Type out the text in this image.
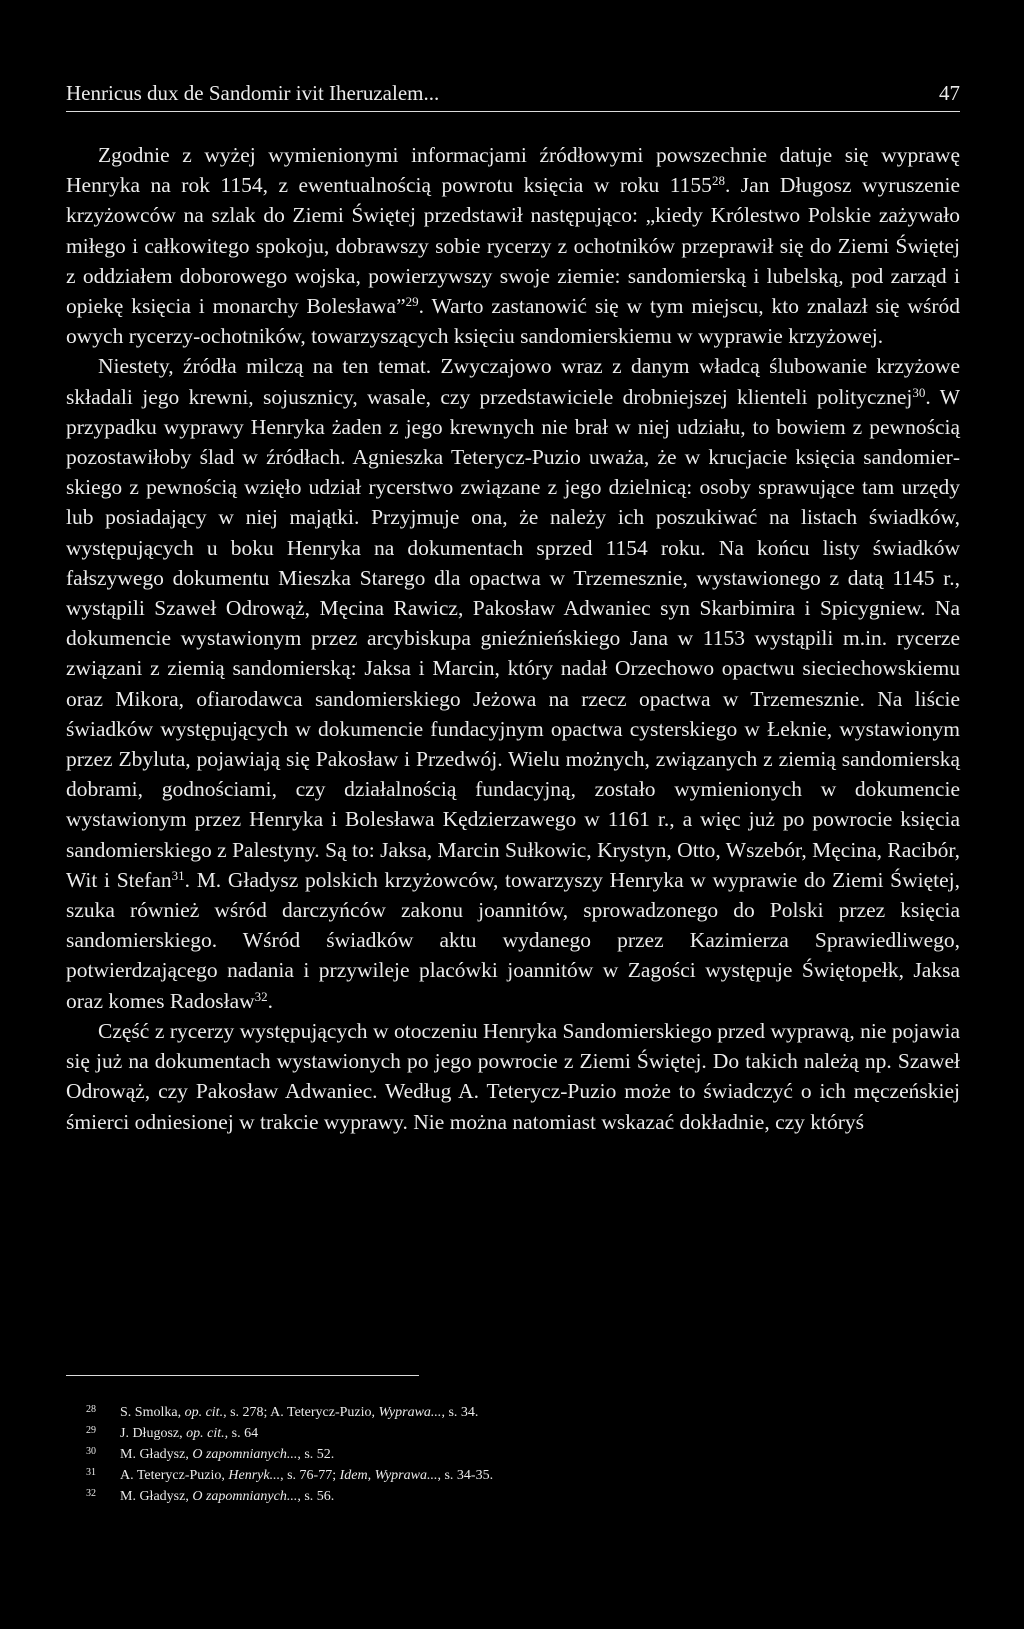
Henricus dux de Sandomir ivit Iheruzalem...	47

Zgodnie z wyżej wymienionymi informacjami źródłowymi powszechnie datuje się wyprawę Henryka na rok 1154, z ewentualnością powrotu księcia w roku 1155$^{28}$. Jan Długosz wyruszenie krzyżowców na szlak do Ziemi Świętej przedstawił następująco: „kiedy Królestwo Polskie zażywało miłego i całkowitego spokoju, dobrawszy sobie rycerzy z ochotników przeprawił się do Ziemi Świętej z oddziałem doborowego wojska, powierzywszy swoje ziemie: sandomierską i lubelską, pod zarząd i opiekę księcia i monarchy Bolesława”$^{29}$. Warto zastanowić się w tym miejscu, kto znalazł się wśród owych rycerzy-ochotników, towarzyszących księciu sandomierskiemu w wyprawie krzyżowej.

Niestety, źródła milczą na ten temat. Zwyczajowo wraz z danym władcą ślubowanie krzyżowe składali jego krewni, sojusznicy, wasale, czy przedstawiciele drobniejszej klienteli politycznej$^{30}$. W przypadku wyprawy Henryka żaden z jego krewnych nie brał w niej udziału, to bowiem z pewnością pozostawiłoby ślad w źródłach. Agnieszka Teterycz-Puzio uważa, że w krucjacie księcia sandomierskiego z pewnością wzięło udział rycerstwo związane z jego dzielnicą: osoby sprawujące tam urzędy lub posiadający w niej majątki. Przyjmuje ona, że należy ich poszukiwać na listach świadków, występujących u boku Henryka na dokumentach sprzed 1154 roku. Na końcu listy świadków fałszywego dokumentu Mieszka Starego dla opactwa w Trzemesznie, wystawionego z datą 1145 r., wystąpili Szaweł Odrowąż, Męcina Rawicz, Pakosław Adwaniec syn Skarbimira i Spicygniew. Na dokumencie wystawionym przez arcybiskupa gnieźnieńskiego Jana w 1153 wystąpili m.in. rycerze związani z ziemią sandomierską: Jaksa i Marcin, który nadał Orzechowo opactwu sieciechowskiemu oraz Mikora, ofiarodawca sandomierskiego Jeżowa na rzecz opactwa w Trzemesznie. Na liście świadków występujących w dokumencie fundacyjnym opactwa cysterskiego w Łeknie, wystawionym przez Zbyluta, pojawiają się Pakosław i Przedwój. Wielu możnych, związanych z ziemią sandomierską dobrami, godnościami, czy działalnością fundacyjną, zostało wymienionych w dokumencie wystawionym przez Henryka i Bolesława Kędzierzawego w 1161 r., a więc już po powrocie księcia sandomierskiego z Palestyny. Są to: Jaksa, Marcin Sułkowic, Krystyn, Otto, Wszebór, Męcina, Racibór, Wit i Stefan$^{31}$. M. Gładysz polskich krzyżowców, towarzyszy Henryka w wyprawie do Ziemi Świętej, szuka również wśród darczyńców zakonu joannitów, sprowadzonego do Polski przez księcia sandomierskiego. Wśród świadków aktu wydanego przez Kazimierza Sprawiedliwego, potwierdzającego nadania i przywileje placówki joannitów w Zagości występuje Świętopełk, Jaksa oraz komes Radosław$^{32}$.

Część z rycerzy występujących w otoczeniu Henryka Sandomierskiego przed wyprawą, nie pojawia się już na dokumentach wystawionych po jego powrocie z Ziemi Świętej. Do takich należą np. Szaweł Odrowąż, czy Pakosław Adwaniec. Według A. Teterycz-Puzio może to świadczyć o ich męczeńskiej śmierci odniesionej w trakcie wyprawy. Nie można natomiast wskazać dokładnie, czy któryś

28 S. Smolka, op. cit., s. 278; A. Teterycz-Puzio, Wyprawa..., s. 34.
29 J. Długosz, op. cit., s. 64
30 M. Gładysz, O zapomnianych..., s. 52.
31 A. Teterycz-Puzio, Henryk..., s. 76-77; Idem, Wyprawa..., s. 34-35.
32 M. Gładysz, O zapomnianych..., s. 56.
